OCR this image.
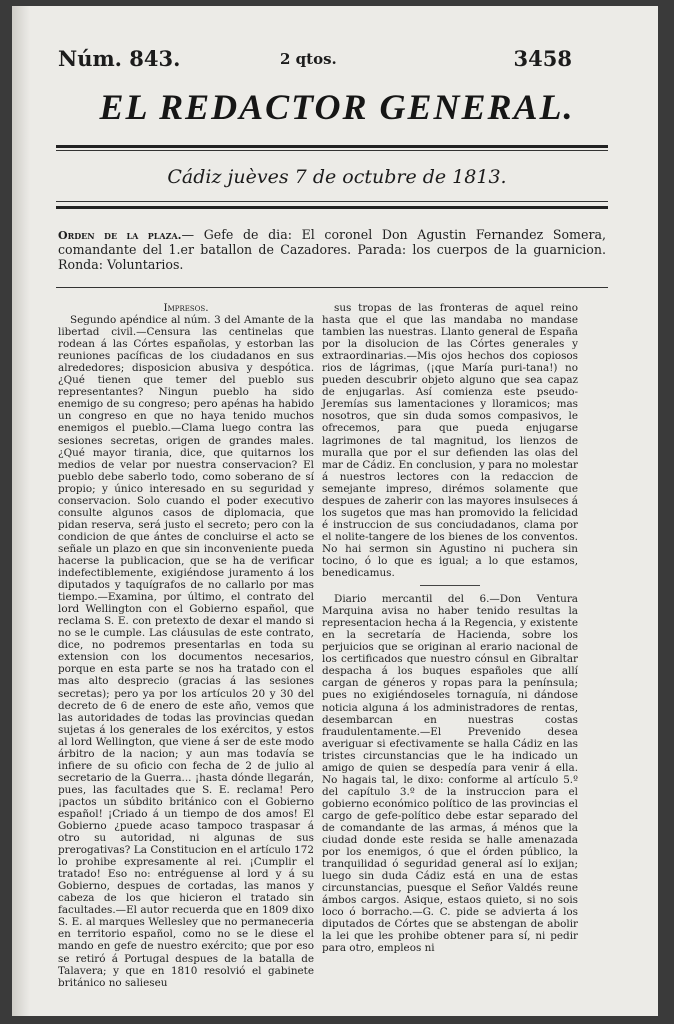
Núm. 843.	2 qtos.	3458
EL REDACTOR GENERAL.
Cádiz juèves 7 de octubre de 1813.
Orden de la plaza.— Gefe de dia: El coronel Don Agustin Fernandez Somera, comandante del 1.er batallon de Cazadores. Parada: los cuerpos de la guarnicion. Ronda: Voluntarios.

Impresos.

Segundo apéndice al núm. 3 del Amante de la libertad civil.—Censura las centinelas que rodean á las Córtes españolas, y estorban las reuniones pacíficas de los ciudadanos en sus alrededores; disposicion abusiva y despótica. ¿Qué tienen que temer del pueblo sus representantes? Ningun pueblo ha sido enemigo de su congreso; pero apénas ha habido un congreso en que no haya tenido muchos enemigos el pueblo.—Clama luego contra las sesiones secretas, origen de grandes males. ¿Qué mayor tirania, dice, que quitarnos los medios de velar por nuestra conservacion? El pueblo debe saberlo todo, como soberano de sí propio; y único interesado en su seguridad y conservacion. Solo cuando el poder executivo consulte algunos casos de diplomacia, que pidan reserva, será justo el secreto; pero con la condicion de que ántes de concluirse el acto se señale un plazo en que sin inconveniente pueda hacerse la publicacion, que se ha de verificar indefectiblemente, exigiéndose juramento á los diputados y taquígrafos de no callarlo por mas tiempo.—Examina, por último, el contrato del lord Wellington con el Gobierno español, que reclama S. E. con pretexto de dexar el mando si no se le cumple. Las cláusulas de este contrato, dice, no podremos presentarlas en toda su extension con los documentos necesarios, porque en esta parte se nos ha tratado con el mas alto desprecio (gracias á las sesiones secretas); pero ya por los artículos 20 y 30 del decreto de 6 de enero de este año, vemos que las autoridades de todas las provincias quedan sujetas á los generales de los exércitos, y estos al lord Wellington, que viene á ser de este modo árbitro de la nacion; y aun mas todavía se infiere de su oficio con fecha de 2 de julio al secretario de la Guerra... ¡hasta dónde llegarán, pues, las facultades que S. E. reclama! Pero ¡pactos un súbdito británico con el Gobierno español! ¡Criado á un tiempo de dos amos! El Gobierno ¿puede acaso tampoco traspasar á otro su autoridad, ni algunas de sus prerogativas? La Constitucion en el artículo 172 lo prohibe expresamente al rei. ¡Cumplir el tratado! Eso no: entréguense al lord y á su Gobierno, despues de cortadas, las manos y cabeza de los que hicieron el tratado sin facultades.—El autor recuerda que en 1809 dixo S. E. al marques Wellesley que no permaneceria en territorio español, como no se le diese el mando en gefe de nuestro exército; que por eso se retiró á Portugal despues de la batalla de Talavera; y que en 1810 resolvió el gabinete británico no salieseu

sus tropas de las fronteras de aquel reino hasta que el que las mandaba no mandase tambien las nuestras. Llanto general de España por la disolucion de las Córtes generales y extraordinarias.—Mis ojos hechos dos copiosos rios de lágrimas, (¡que María puri-tana!) no pueden descubrir objeto alguno que sea capaz de enjugarlas. Así comienza este pseudo-Jeremías sus lamentaciones y lloramicos; mas nosotros, que sin duda somos compasivos, le ofrecemos, para que pueda enjugarse lagrimones de tal magnitud, los lienzos de muralla que por el sur defienden las olas del mar de Cádiz. En conclusion, y para no molestar á nuestros lectores con la redaccion de semejante impreso, dirémos solamente que despues de zaherir con las mayores insulseces á los sugetos que mas han promovido la felicidad é instruccion de sus conciudadanos, clama por el nolite-tangere de los bienes de los conventos. No hai sermon sin Agustino ni puchera sin tocino, ó lo que es igual; a lo que estamos, benedicamus.

Diario mercantil del 6.—Don Ventura Marquina avisa no haber tenido resultas la representacion hecha á la Regencia, y existente en la secretaría de Hacienda, sobre los perjuicios que se originan al erario nacional de los certificados que nuestro cónsul en Gibraltar despacha á los buques españoles que allí cargan de géneros y ropas para la península; pues no exigiéndoseles tornaguía, ni dándose noticia alguna á los administradores de rentas, desembarcan en nuestras costas fraudulentamente.—El Prevenido desea averiguar si efectivamente se halla Cádiz en las tristes circunstancias que le ha indicado un amigo de quien se despedía para venir á ella. No hagais tal, le dixo: conforme al artículo 5.º del capítulo 3.º de la instruccion para el gobierno económico político de las provincias el cargo de gefe-político debe estar separado del de comandante de las armas, á ménos que la ciudad donde este resida se halle amenazada por los enemigos, ó que el órden público, la tranquilidad ó seguridad general así lo exijan; luego sin duda Cádiz está en una de estas circunstancias, puesque el Señor Valdés reune ámbos cargos. Asique, estaos quieto, si no sois loco ó borracho.—G. C. pide se advierta á los diputados de Córtes que se abstengan de abolir la lei que les prohibe obtener para sí, ni pedir para otro, empleos ni
